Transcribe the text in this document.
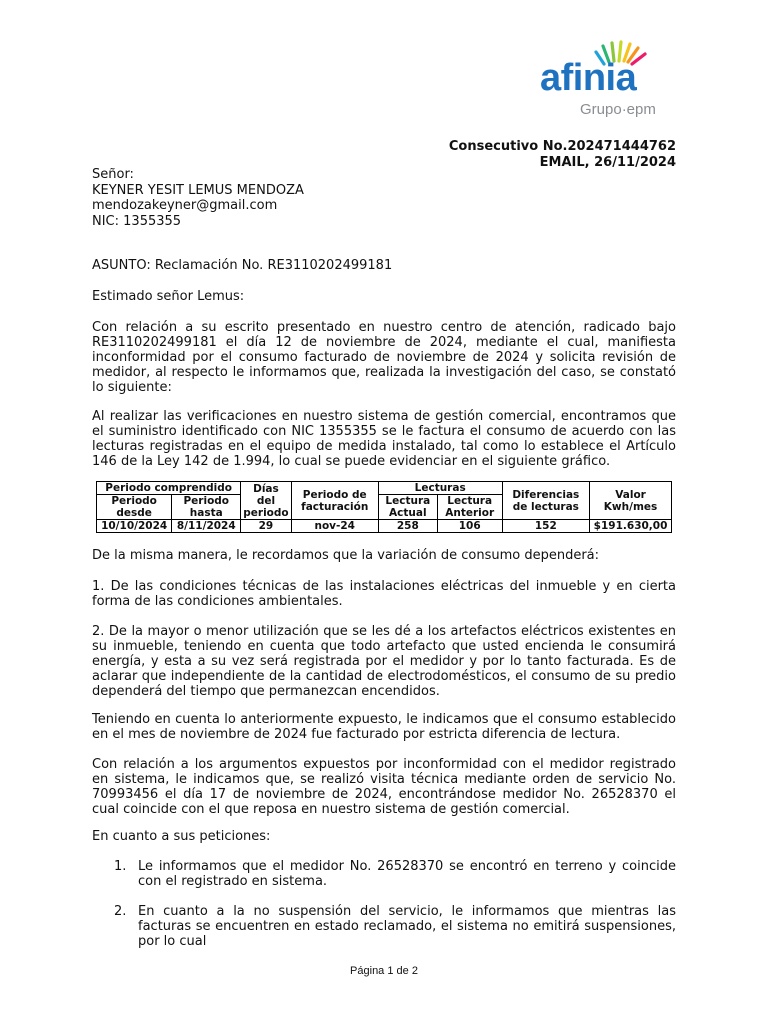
afinia
Grupo·epm
Consecutivo No.202471444762
EMAIL, 26/11/2024
Señor:
KEYNER YESIT LEMUS MENDOZA
mendozakeyner@gmail.com
NIC: 1355355
ASUNTO: Reclamación No. RE3110202499181
Estimado señor Lemus:
Con relación a su escrito presentado en nuestro centro de atención, radicado bajo RE3110202499181 el día 12 de noviembre de 2024, mediante el cual, manifiesta inconformidad por el consumo facturado de noviembre de 2024 y solicita revisión de medidor, al respecto le informamos que, realizada la investigación del caso, se constató lo siguiente:
Al realizar las verificaciones en nuestro sistema de gestión comercial, encontramos que el suministro identificado con NIC 1355355 se le factura el consumo de acuerdo con las lecturas registradas en el equipo de medida instalado, tal como lo establece el Artículo 146 de la Ley 142 de 1.994, lo cual se puede evidenciar en el siguiente gráfico.
Periodo comprendido		Días del periodo	Periodo de facturación	Lecturas		Diferencias de lecturas	Valor Kwh/mes
Periodo desde	Periodo hasta			Lectura Actual	Lectura Anterior		
10/10/2024	8/11/2024	29	nov-24	258	106	152	$191.630,00
De la misma manera, le recordamos que la variación de consumo dependerá:
1. De las condiciones técnicas de las instalaciones eléctricas del inmueble y en cierta forma de las condiciones ambientales.
2. De la mayor o menor utilización que se les dé a los artefactos eléctricos existentes en su inmueble, teniendo en cuenta que todo artefacto que usted encienda le consumirá energía, y esta a su vez será registrada por el medidor y por lo tanto facturada. Es de aclarar que independiente de la cantidad de electrodomésticos, el consumo de su predio dependerá del tiempo que permanezcan encendidos.
Teniendo en cuenta lo anteriormente expuesto, le indicamos que el consumo establecido en el mes de noviembre de 2024 fue facturado por estricta diferencia de lectura.
Con relación a los argumentos expuestos por inconformidad con el medidor registrado en sistema, le indicamos que, se realizó visita técnica mediante orden de servicio No. 70993456 el día 17 de noviembre de 2024, encontrándose medidor No. 26528370 el cual coincide con el que reposa en nuestro sistema de gestión comercial.
En cuanto a sus peticiones:
1. Le informamos que el medidor No. 26528370 se encontró en terreno y coincide con el registrado en sistema.
2. En cuanto a la no suspensión del servicio, le informamos que mientras las facturas se encuentren en estado reclamado, el sistema no emitirá suspensiones, por lo cual
Página 1 de 2
